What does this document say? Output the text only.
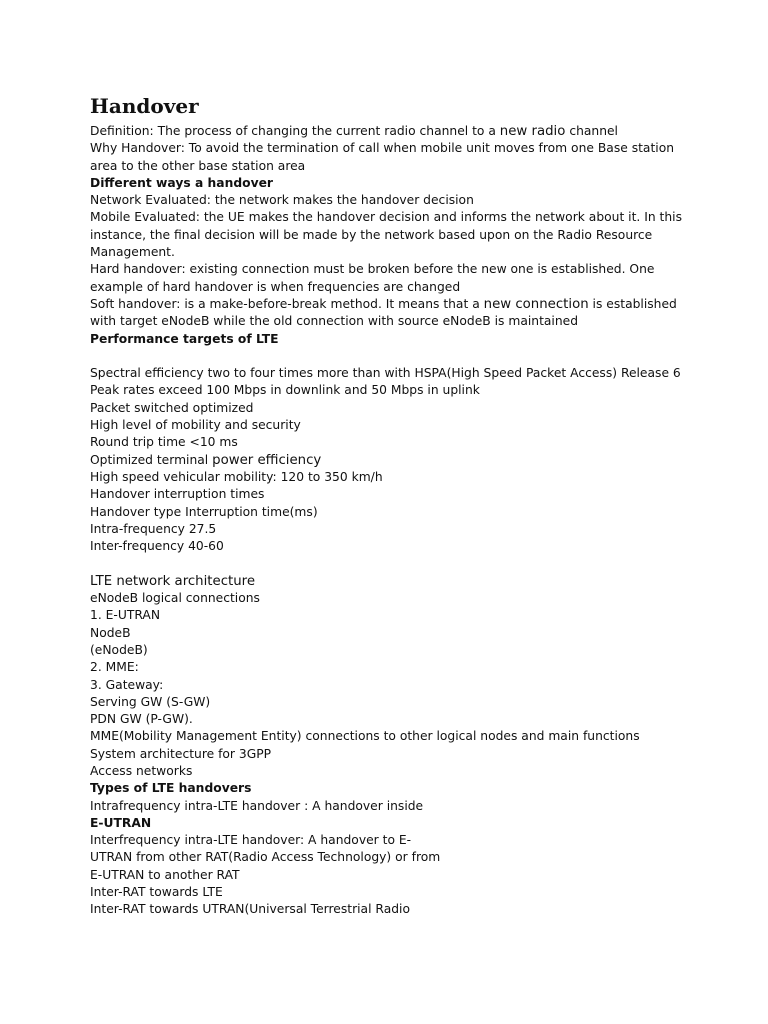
Handover
Definition: The process of changing the current radio channel to a new radio channel
Why Handover: To avoid the termination of call when mobile unit moves from one Base station
area to the other base station area
Different ways a handover
Network Evaluated: the network makes the handover decision
Mobile Evaluated: the UE makes the handover decision and informs the network about it. In this
instance, the final decision will be made by the network based upon on the Radio Resource
Management.
Hard handover: existing connection must be broken before the new one is established. One
example of hard handover is when frequencies are changed
Soft handover: is a make-before-break method. It means that a new connection is established
with target eNodeB while the old connection with source eNodeB is maintained
Performance targets of LTE
Spectral efficiency two to four times more than with HSPA(High Speed Packet Access) Release 6
Peak rates exceed 100 Mbps in downlink and 50 Mbps in uplink
Packet switched optimized
High level of mobility and security
Round trip time <10 ms
Optimized terminal power efficiency
High speed vehicular mobility: 120 to 350 km/h
Handover interruption times
Handover type Interruption time(ms)
Intra-frequency 27.5
Inter-frequency 40-60
LTE network architecture
eNodeB logical connections
1. E-UTRAN
NodeB
(eNodeB)
2. MME:
3. Gateway:
Serving GW (S-GW)
PDN GW (P-GW).
MME(Mobility Management Entity) connections to other logical nodes and main functions
System architecture for 3GPP
Access networks
Types of LTE handovers
Intrafrequency intra-LTE handover : A handover inside
E-UTRAN
Interfrequency intra-LTE handover: A handover to E-
UTRAN from other RAT(Radio Access Technology) or from
E-UTRAN to another RAT
Inter-RAT towards LTE
Inter-RAT towards UTRAN(Universal Terrestrial Radio
